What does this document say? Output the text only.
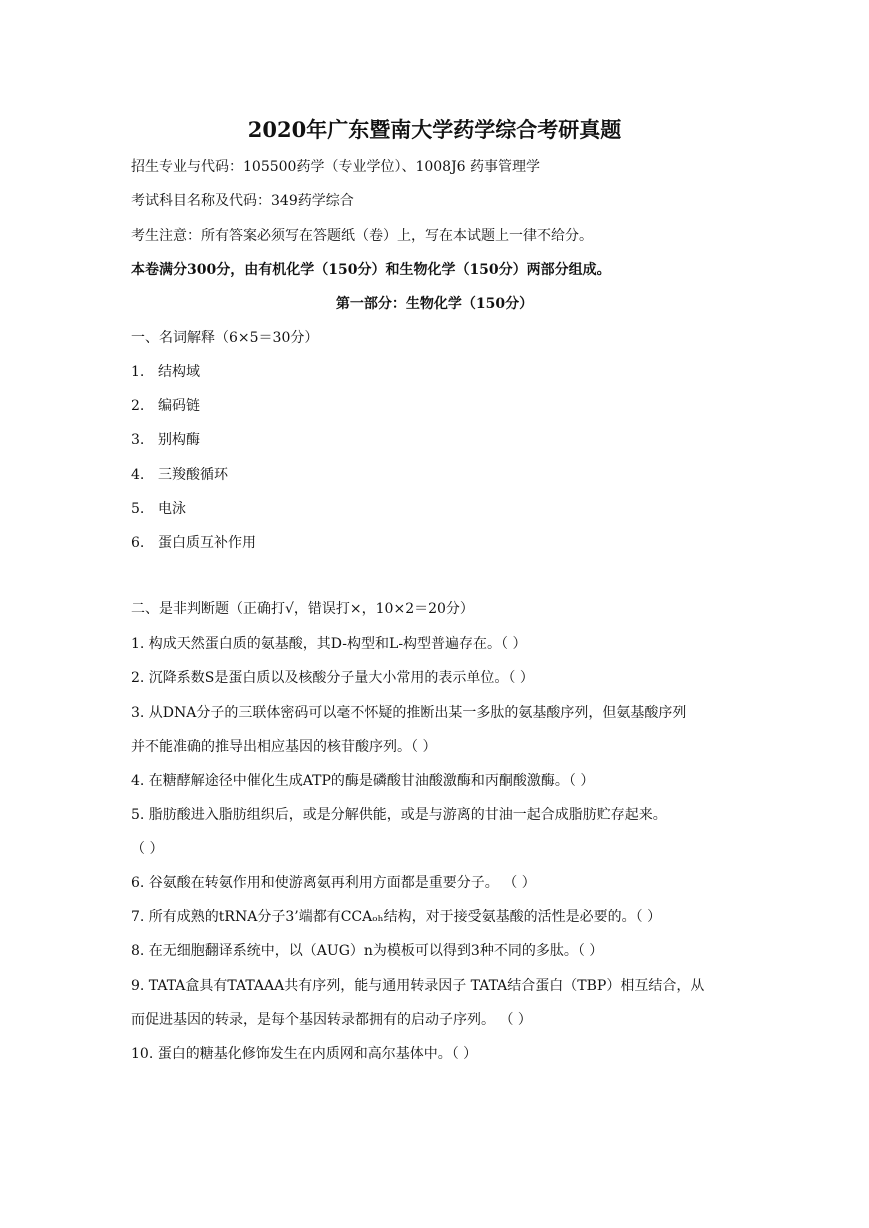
2020年广东暨南大学药学综合考研真题
招生专业与代码：105500药学（专业学位）、1008J6 药事管理学
考试科目名称及代码：349药学综合
考生注意：所有答案必须写在答题纸（卷）上，写在本试题上一律不给分。
本卷满分300分，由有机化学（150分）和生物化学（150分）两部分组成。
第一部分：生物化学（150分）
一、名词解释（6×5＝30分）
1. 结构域
2. 编码链
3. 别构酶
4. 三羧酸循环
5. 电泳
6. 蛋白质互补作用
二、是非判断题（正确打√，错误打×，10×2＝20分）
1. 构成天然蛋白质的氨基酸，其D-构型和L-构型普遍存在。（ ）
2. 沉降系数S是蛋白质以及核酸分子量大小常用的表示单位。（ ）
3. 从DNA分子的三联体密码可以毫不怀疑的推断出某一多肽的氨基酸序列，但氨基酸序列
并不能准确的推导出相应基因的核苷酸序列。（ ）
4. 在糖酵解途径中催化生成ATP的酶是磷酸甘油酸激酶和丙酮酸激酶。（ ）
5. 脂肪酸进入脂肪组织后，或是分解供能，或是与游离的甘油一起合成脂肪贮存起来。
（ ）
6. 谷氨酸在转氨作用和使游离氨再利用方面都是重要分子。 （ ）
7. 所有成熟的tRNA分子3’端都有CCAₒₕ结构，对于接受氨基酸的活性是必要的。（ ）
8. 在无细胞翻译系统中，以（AUG）n为模板可以得到3种不同的多肽。（ ）
9. TATA盒具有TATAAA共有序列，能与通用转录因子 TATA结合蛋白（TBP）相互结合，从
而促进基因的转录，是每个基因转录都拥有的启动子序列。 （ ）
10. 蛋白的糖基化修饰发生在内质网和高尔基体中。（ ）
